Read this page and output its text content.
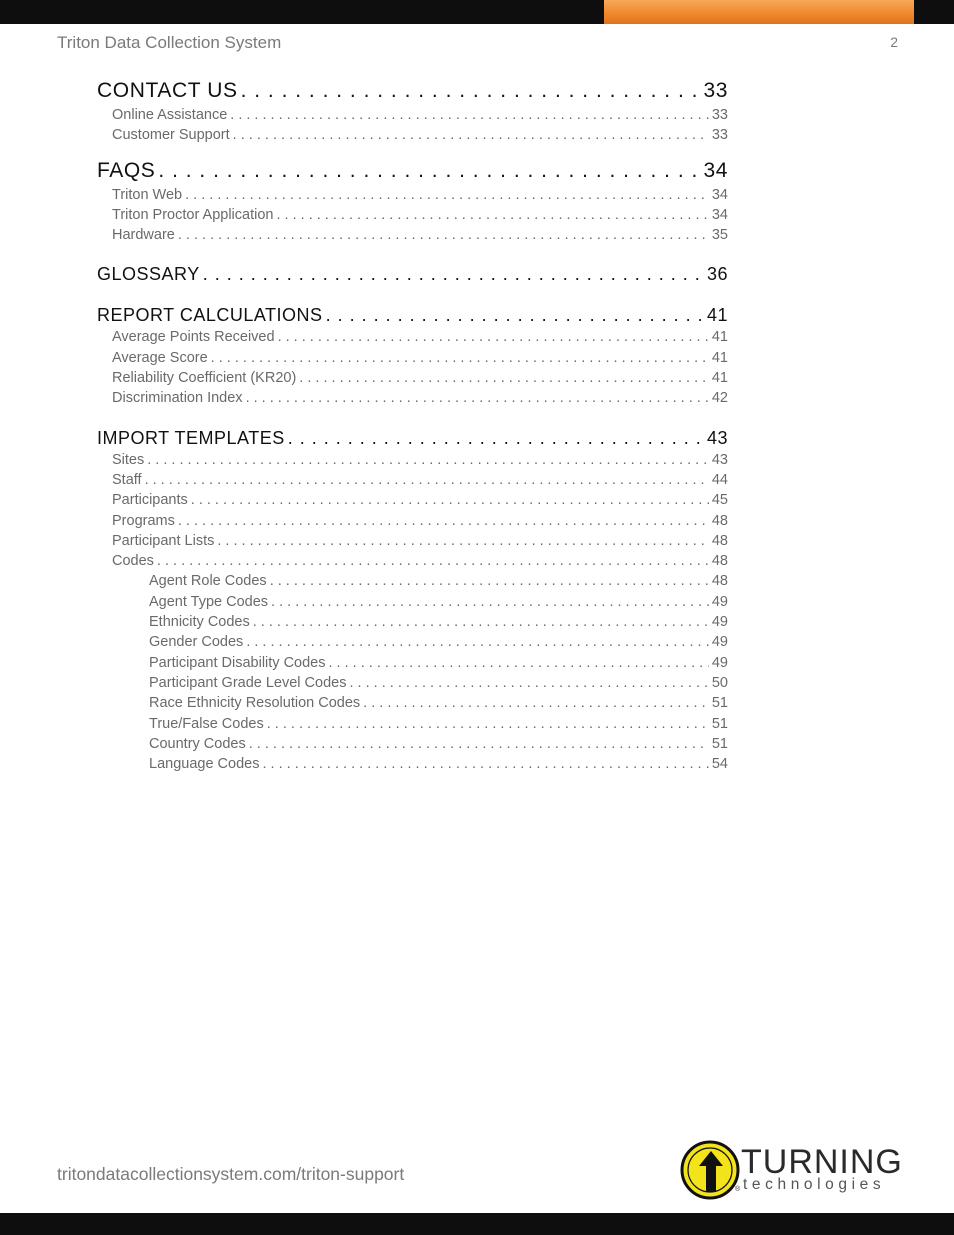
Triton Data Collection System	2
CONTACT US . . .	33
Online Assistance . . .	33
Customer Support . . .	33
FAQS . . .	34
Triton Web . . .	34
Triton Proctor Application . . .	34
Hardware . . .	35
GLOSSARY . . .	36
REPORT CALCULATIONS . . .	41
Average Points Received . . .	41
Average Score . . .	41
Reliability Coefficient (KR20) . . .	41
Discrimination Index . . .	42
IMPORT TEMPLATES . . .	43
Sites . . .	43
Staff . . .	44
Participants . . .	45
Programs . . .	48
Participant Lists . . .	48
Codes . . .	48
Agent Role Codes . . .	48
Agent Type Codes . . .	49
Ethnicity Codes . . .	49
Gender Codes . . .	49
Participant Disability Codes . . .	49
Participant Grade Level Codes . . .	50
Race Ethnicity Resolution Codes . . .	51
True/False Codes . . .	51
Country Codes . . .	51
Language Codes . . .	54
tritondatacollectionsystem.com/triton-support	TURNING
technologies
®
